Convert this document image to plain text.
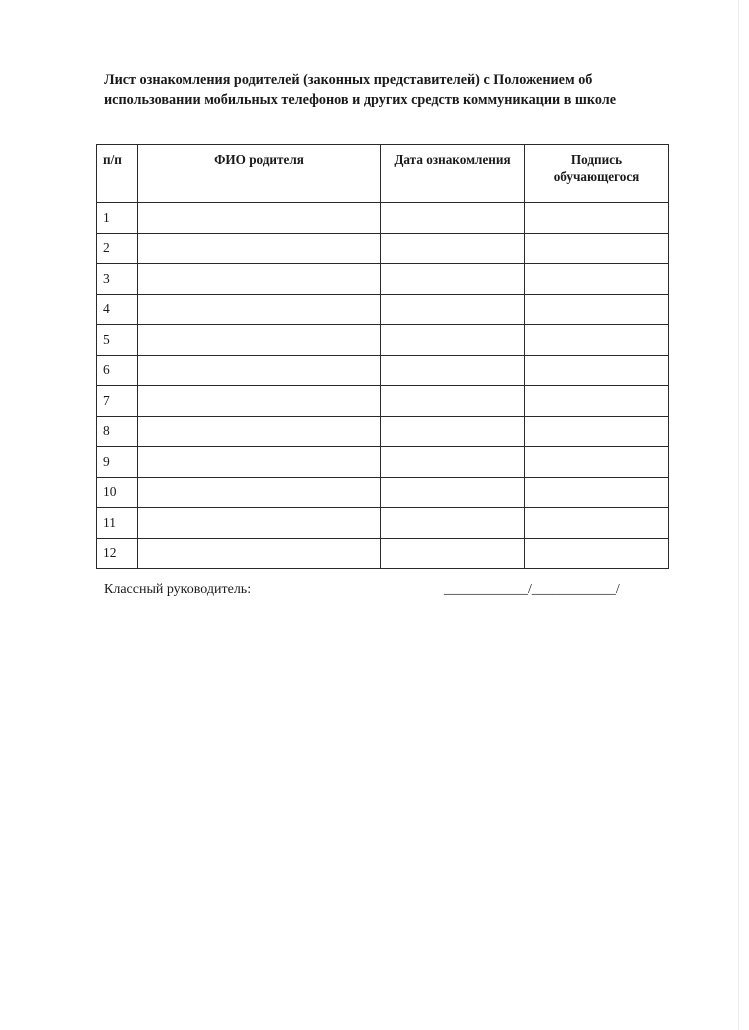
Лист ознакомления родителей (законных представителей) с Положением об
использовании мобильных телефонов и других средств коммуникации в школе
п/п	ФИО родителя	Дата ознакомления	Подпись
обучающегося
1			
2			
3			
4			
5			
6			
7			
8			
9			
10			
11			
12			
Классный руководитель:	____________/____________/
